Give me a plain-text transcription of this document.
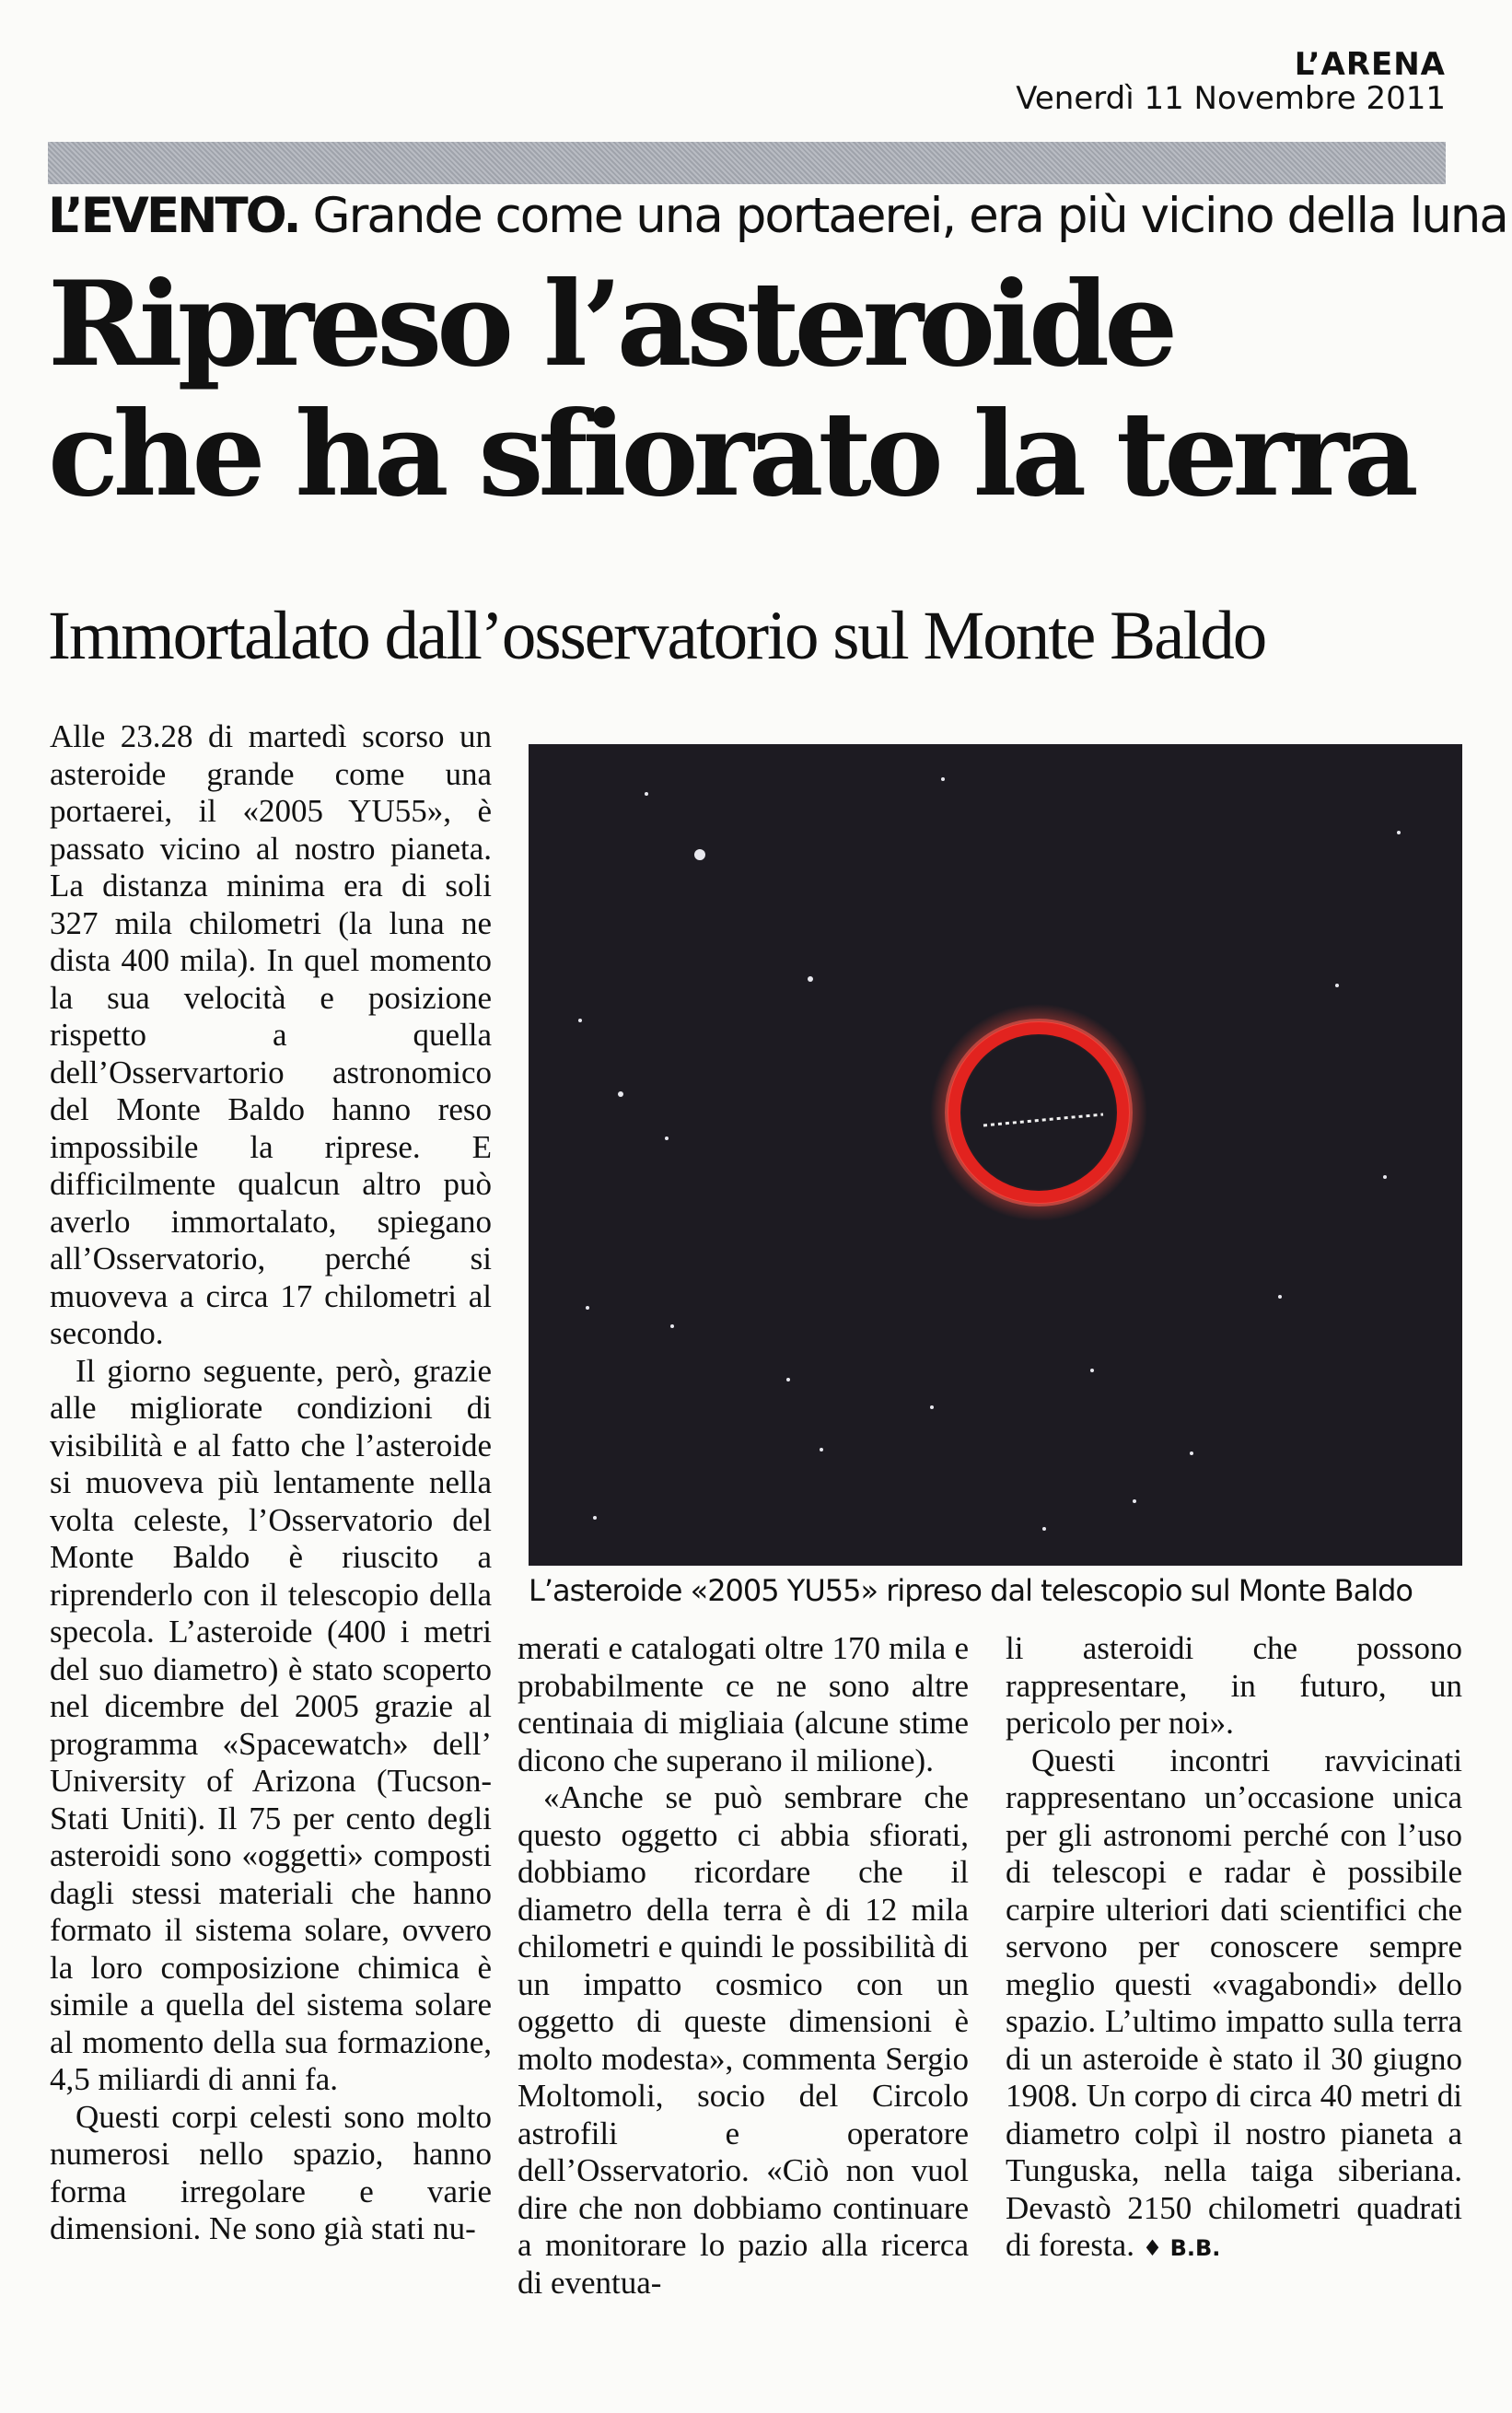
L’ARENA
Venerdì 11 Novembre 2011
L’EVENTO. Grande come una portaerei, era più vicino della luna
Ripreso l’asteroide
che ha sfiorato la terra
Immortalato dall’osservatorio sul Monte Baldo

Alle 23.28 di martedì scorso un asteroide grande come una portaerei, il «2005 YU55», è passato vicino al nostro pianeta. La distanza minima era di soli 327 mila chilometri (la luna ne dista 400 mila). In quel momento la sua velocità e posizione rispetto a quella dell’Osservartorio astronomico del Monte Baldo hanno reso impossibile la riprese. E difficilmente qualcun altro può averlo immortalato, spiegano all’Osservatorio, perché si muoveva a circa 17 chilometri al secondo.

Il giorno seguente, però, grazie alle migliorate condizioni di visibilità e al fatto che l’asteroide si muoveva più lentamente nella volta celeste, l’Osservatorio del Monte Baldo è riuscito a riprenderlo con il telescopio della specola. L’asteroide (400 i metri del suo diametro) è stato scoperto nel dicembre del 2005 grazie al programma «Spacewatch» dell’ University of Arizona (Tucson-Stati Uniti). Il 75 per cento degli asteroidi sono «oggetti» composti dagli stessi materiali che hanno formato il sistema solare, ovvero la loro composizione chimica è simile a quella del sistema solare al momento della sua formazione, 4,5 miliardi di anni fa.

Questi corpi celesti sono molto numerosi nello spazio, hanno forma irregolare e varie dimensioni. Ne sono già stati nu-

L’asteroide «2005 YU55» ripreso dal telescopio sul Monte Baldo

merati e catalogati oltre 170 mila e probabilmente ce ne sono altre centinaia di migliaia (alcune stime dicono che superano il milione).

«Anche se può sembrare che questo oggetto ci abbia sfiorati, dobbiamo ricordare che il diametro della terra è di 12 mila chilometri e quindi le possibilità di un impatto cosmico con un oggetto di queste dimensioni è molto modesta», commenta Sergio Moltomoli, socio del Circolo astrofili e operatore dell’Osservatorio. «Ciò non vuol dire che non dobbiamo continuare a monitorare lo pazio alla ricerca di eventua-

li asteroidi che possono rappresentare, in futuro, un pericolo per noi».

Questi incontri ravvicinati rappresentano un’occasione unica per gli astronomi perché con l’uso di telescopi e radar è possibile carpire ulteriori dati scientifici che servono per conoscere sempre meglio questi «vagabondi» dello spazio. L’ultimo impatto sulla terra di un asteroide è stato il 30 giugno 1908. Un corpo di circa 40 metri di diametro colpì il nostro pianeta a Tunguska, nella taiga siberiana. Devastò 2150 chilometri quadrati di foresta. ♦ B.B.
